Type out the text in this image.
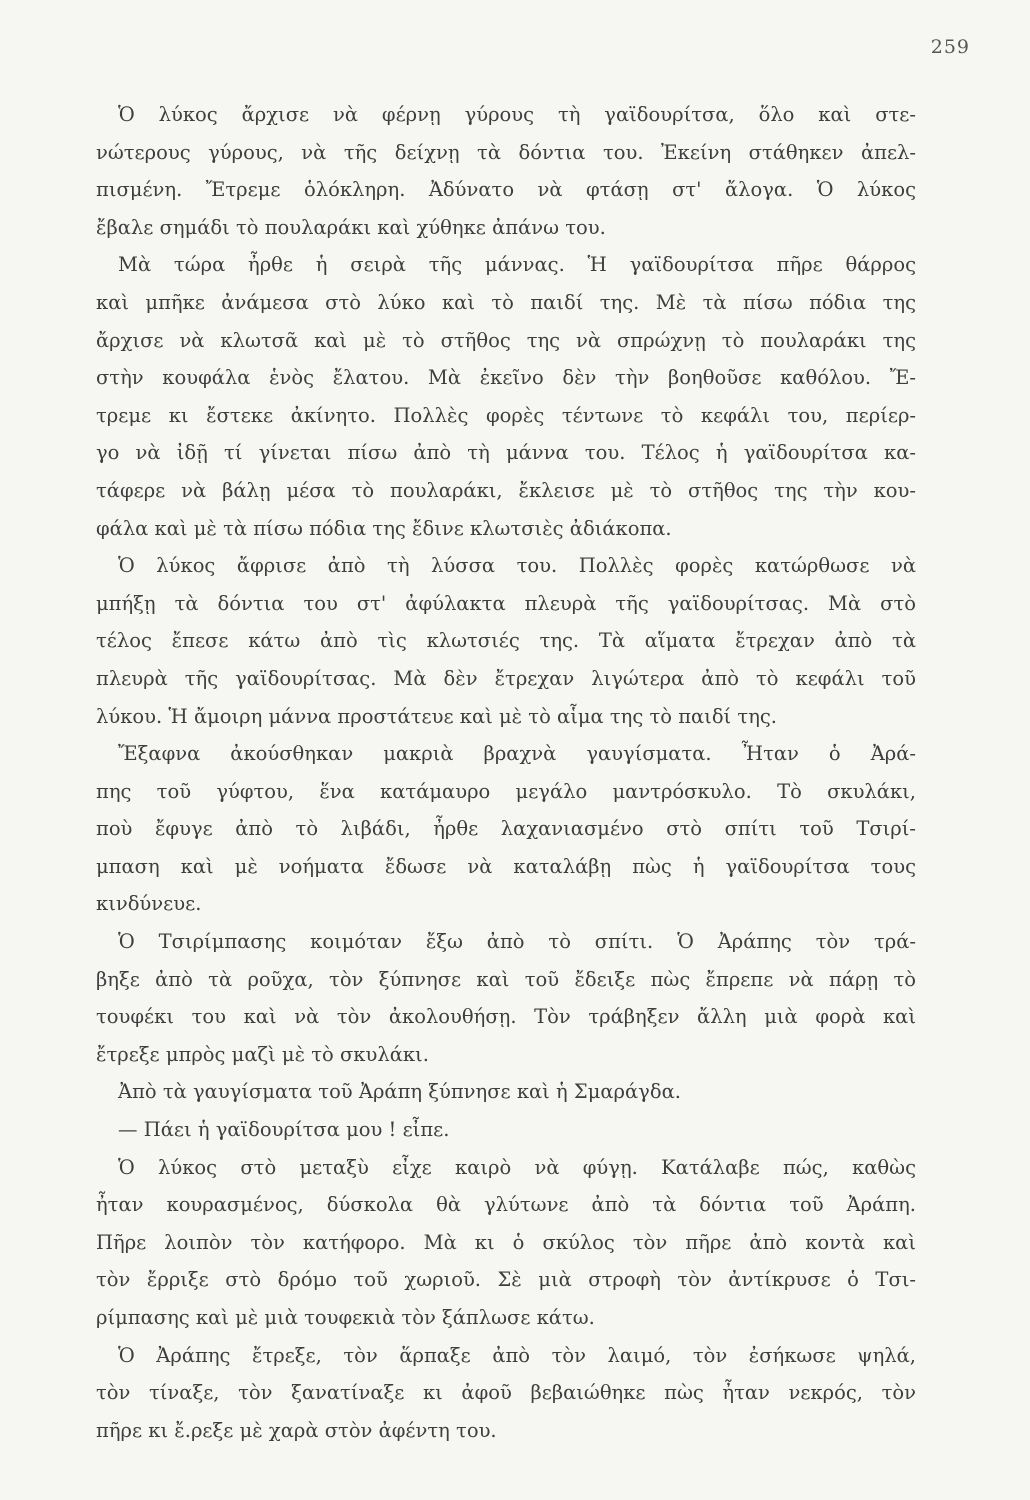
259
Ὁ λύκος ἄρχισε νὰ φέρνῃ γύρους τὴ γαϊδουρίτσα, ὅλο καὶ στε-
νώτερους γύρους, νὰ τῆς δείχνῃ τὰ δόντια του. Ἐκείνη στάθηκεν ἀπελ-
πισμένη. Ἔτρεμε ὁλόκληρη. Ἀδύνατο νὰ φτάσῃ στ' ἄλογα. Ὁ λύκος
ἔβαλε σημάδι τὸ πουλαράκι καὶ χύθηκε ἀπάνω του.
Μὰ τώρα ἦρθε ἡ σειρὰ τῆς μάννας. Ἡ γαϊδουρίτσα πῆρε θάρρος
καὶ μπῆκε ἀνάμεσα στὸ λύκο καὶ τὸ παιδί της. Μὲ τὰ πίσω πόδια της
ἄρχισε νὰ κλωτσᾶ καὶ μὲ τὸ στῆθος της νὰ σπρώχνῃ τὸ πουλαράκι της
στὴν κουφάλα ἑνὸς ἔλατου. Μὰ ἐκεῖνο δὲν τὴν βοηθοῦσε καθόλου. Ἔ-
τρεμε κι ἔστεκε ἀκίνητο. Πολλὲς φορὲς τέντωνε τὸ κεφάλι του, περίερ-
γο νὰ ἰδῇ τί γίνεται πίσω ἀπὸ τὴ μάννα του. Τέλος ἡ γαϊδουρίτσα κα-
τάφερε νὰ βάλῃ μέσα τὸ πουλαράκι, ἔκλεισε μὲ τὸ στῆθος της τὴν κου-
φάλα καὶ μὲ τὰ πίσω πόδια της ἔδινε κλωτσιὲς ἀδιάκοπα.
Ὁ λύκος ἄφρισε ἀπὸ τὴ λύσσα του. Πολλὲς φορὲς κατώρθωσε νὰ
μπήξῃ τὰ δόντια του στ' ἀφύλακτα πλευρὰ τῆς γαϊδουρίτσας. Μὰ στὸ
τέλος ἔπεσε κάτω ἀπὸ τὶς κλωτσιές της. Τὰ αἵματα ἔτρεχαν ἀπὸ τὰ
πλευρὰ τῆς γαϊδουρίτσας. Μὰ δὲν ἔτρεχαν λιγώτερα ἀπὸ τὸ κεφάλι τοῦ
λύκου. Ἡ ἄμοιρη μάννα προστάτευε καὶ μὲ τὸ αἷμα της τὸ παιδί της.
Ἔξαφνα ἀκούσθηκαν μακριὰ βραχνὰ γαυγίσματα. Ἦταν ὁ Ἀρά-
πης τοῦ γύφτου, ἕνα κατάμαυρο μεγάλο μαντρόσκυλο. Τὸ σκυλάκι,
ποὺ ἔφυγε ἀπὸ τὸ λιβάδι, ἦρθε λαχανιασμένο στὸ σπίτι τοῦ Τσιρί-
μπαση καὶ μὲ νοήματα ἔδωσε νὰ καταλάβῃ πὼς ἡ γαϊδουρίτσα τους
κινδύνευε.
Ὁ Τσιρίμπασης κοιμόταν ἔξω ἀπὸ τὸ σπίτι. Ὁ Ἀράπης τὸν τρά-
βηξε ἀπὸ τὰ ροῦχα, τὸν ξύπνησε καὶ τοῦ ἔδειξε πὼς ἔπρεπε νὰ πάρῃ τὸ
τουφέκι του καὶ νὰ τὸν ἀκολουθήσῃ. Τὸν τράβηξεν ἄλλη μιὰ φορὰ καὶ
ἔτρεξε μπρὸς μαζὶ μὲ τὸ σκυλάκι.
Ἀπὸ τὰ γαυγίσματα τοῦ Ἀράπη ξύπνησε καὶ ἡ Σμαράγδα.
— Πάει ἡ γαϊδουρίτσα μου ! εἶπε.
Ὁ λύκος στὸ μεταξὺ εἶχε καιρὸ νὰ φύγῃ. Κατάλαβε πώς, καθὼς
ἦταν κουρασμένος, δύσκολα θὰ γλύτωνε ἀπὸ τὰ δόντια τοῦ Ἀράπη.
Πῆρε λοιπὸν τὸν κατήφορο. Μὰ κι ὁ σκύλος τὸν πῆρε ἀπὸ κοντὰ καὶ
τὸν ἔρριξε στὸ δρόμο τοῦ χωριοῦ. Σὲ μιὰ στροφὴ τὸν ἀντίκρυσε ὁ Τσι-
ρίμπασης καὶ μὲ μιὰ τουφεκιὰ τὸν ξάπλωσε κάτω.
Ὁ Ἀράπης ἔτρεξε, τὸν ἅρπαξε ἀπὸ τὸν λαιμό, τὸν ἐσήκωσε ψηλά,
τὸν τίναξε, τὸν ξανατίναξε κι ἀφοῦ βεβαιώθηκε πὼς ἦταν νεκρός, τὸν
πῆρε κι ἔ.ρεξε μὲ χαρὰ στὸν ἀφέντη του.
